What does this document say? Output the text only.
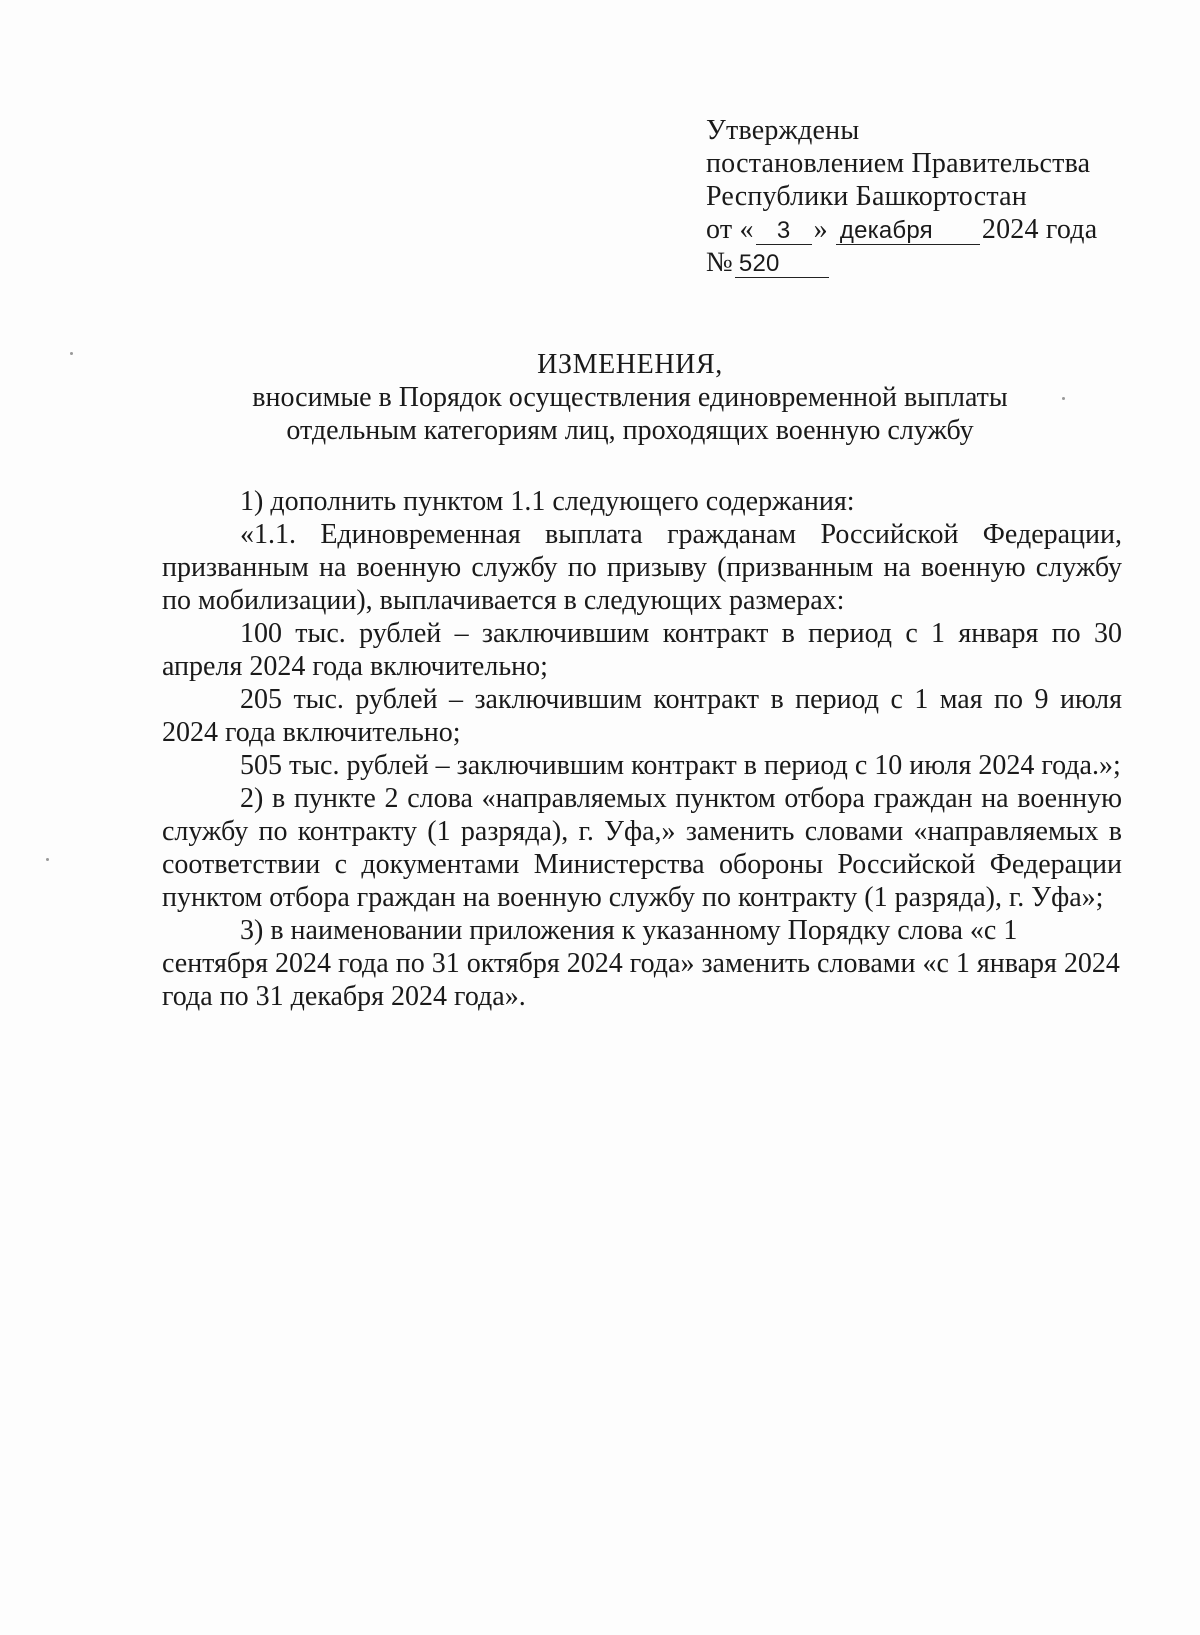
Утверждены
постановлением Правительства
Республики Башкортостан
от « 3 » декабря 2024 года
№ 520
ИЗМЕНЕНИЯ,
вносимые в Порядок осуществления единовременной выплаты
отдельным категориям лиц, проходящих военную службу

1) дополнить пунктом 1.1 следующего содержания:

«1.1. Единовременная выплата гражданам Российской Федерации, призванным на военную службу по призыву (призванным на военную службу по мобилизации), выплачивается в следующих размерах:

100 тыс. рублей – заключившим контракт в период с 1 января по 30 апреля 2024 года включительно;

205 тыс. рублей – заключившим контракт в период с 1 мая по 9 июля 2024 года включительно;

505 тыс. рублей – заключившим контракт в период с 10 июля 2024 года.»;

2) в пункте 2 слова «направляемых пунктом отбора граждан на военную службу по контракту (1 разряда), г. Уфа,» заменить словами «направляемых в соответствии с документами Министерства обороны Российской Федерации пунктом отбора граждан на военную службу по контракту (1 разряда), г. Уфа»;

3) в наименовании приложения к указанному Порядку слова «с 1 сентября 2024 года по 31 октября 2024 года» заменить словами «с 1 января 2024 года по 31 декабря 2024 года».
